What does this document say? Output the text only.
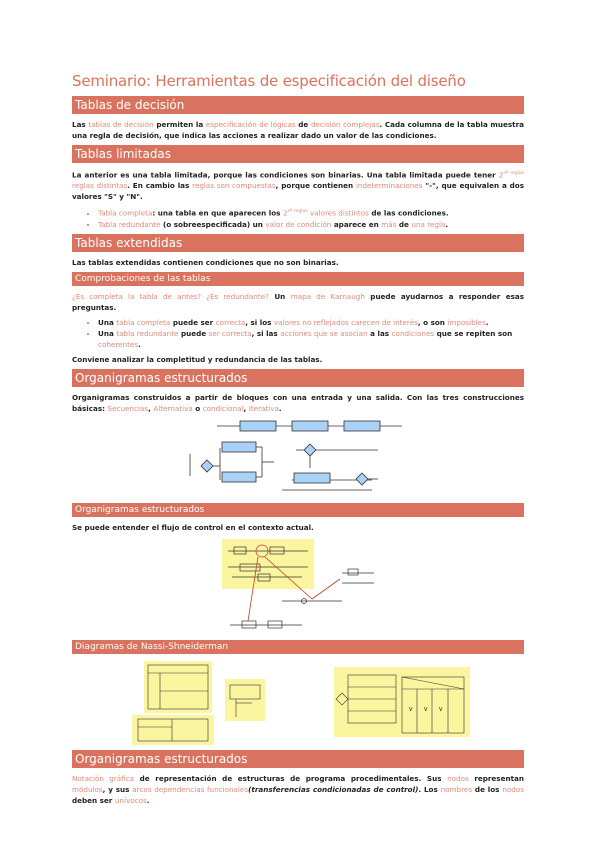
Seminario: Herramientas de especificación del diseño
Tablas de decisión

Las tablas de decisión permiten la especificación de lógicas de decisión complejas. Cada columna de la tabla muestra una regla de decisión, que indica las acciones a realizar dado un valor de las condiciones.

Tablas limitadas

La anterior es una tabla limitada, porque las condiciones son binarias. Una tabla limitada puede tener $2^{nº reglas}$ reglas distintas. En cambio las reglas son compuestas, porque contienen indeterminaciones "-", que equivalen a dos valores "S" y "N".

• Tabla completa: una tabla en que aparecen los $2^{nº reglas}$ valores distintos de las condiciones.
• Tabla redundante (o sobreespecificada) un valor de condición aparece en más de una regla.
Tablas extendidas

Las tablas extendidas contienen condiciones que no son binarias.

Comprobaciones de las tablas

¿Es completa la tabla de antes? ¿Es redundante? Un mapa de Karnaugh puede ayudarnos a responder esas preguntas.

• Una tabla completa puede ser correcta, si los valores no reflejados carecen de interés, o son imposibles.
• Una tabla redundante puede ser correcta, si las acciones que se asocian a las condiciones que se repiten son coherentes.

Conviene analizar la completitud y redundancia de las tablas.

Organigramas estructurados

Organigramas construidos a partir de bloques con una entrada y una salida. Con las tres construcciones básicas: Secuencias, Alternativa o condicional, Iterativa.

Organigramas estructurados

Se puede entender el flujo de control en el contexto actual.

Diagramas de Nassi-Shneiderman
V V V
Organigramas estructurados

Notación gráfica de representación de estructuras de programa procedimentales. Sus nodos representan módulos, y sus arcos dependencias funcionales(transferencias condicionadas de control). Los nombres de los nodos deben ser unívocos.
